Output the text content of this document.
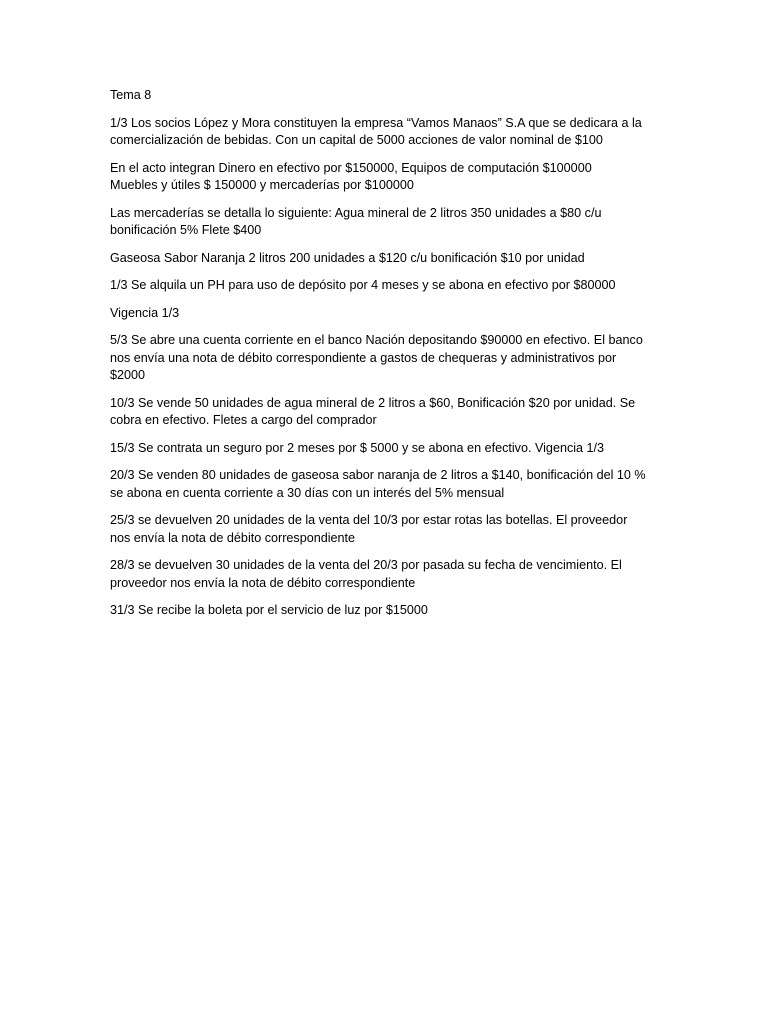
Tema 8

1/3 Los socios López y Mora constituyen la empresa “Vamos Manaos” S.A que se dedicara a la
comercialización de bebidas. Con un capital de 5000 acciones de valor nominal de $100

En el acto integran Dinero en efectivo por $150000, Equipos de computación $100000
Muebles y útiles $ 150000 y mercaderías por $100000

Las mercaderías se detalla lo siguiente: Agua mineral de 2 litros 350 unidades a $80 c/u
bonificación 5% Flete $400

Gaseosa Sabor Naranja 2 litros 200 unidades a $120 c/u bonificación $10 por unidad

1/3 Se alquila un PH para uso de depósito por 4 meses y se abona en efectivo por $80000

Vigencia 1/3

5/3 Se abre una cuenta corriente en el banco Nación depositando $90000 en efectivo. El banco
nos envía una nota de débito correspondiente a gastos de chequeras y administrativos por
$2000

10/3 Se vende 50 unidades de agua mineral de 2 litros a $60, Bonificación $20 por unidad. Se
cobra en efectivo. Fletes a cargo del comprador

15/3 Se contrata un seguro por 2 meses por $ 5000 y se abona en efectivo. Vigencia 1/3

20/3 Se venden 80 unidades de gaseosa sabor naranja de 2 litros a $140, bonificación del 10 %
se abona en cuenta corriente a 30 días con un interés del 5% mensual

25/3 se devuelven 20 unidades de la venta del 10/3 por estar rotas las botellas. El proveedor
nos envía la nota de débito correspondiente

28/3 se devuelven 30 unidades de la venta del 20/3 por pasada su fecha de vencimiento. El
proveedor nos envía la nota de débito correspondiente

31/3 Se recibe la boleta por el servicio de luz por $15000
